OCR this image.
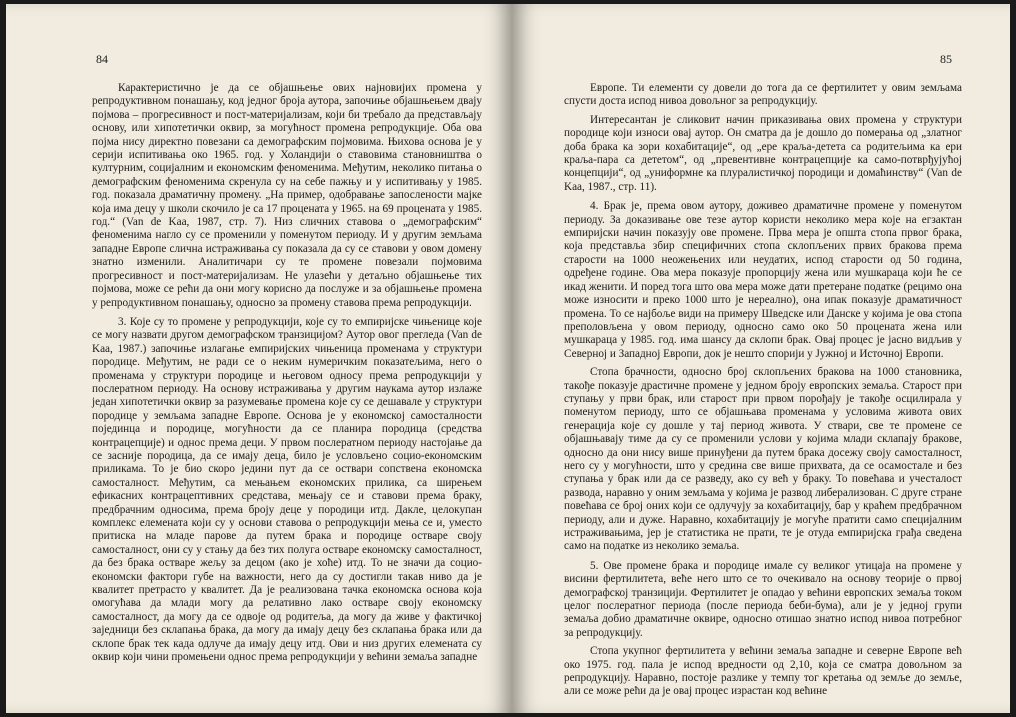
84

Карактеристично је да се објашњење ових најновијих промена у репродуктивном понашању, код једног броја аутора, започиње објашњењем двају појмова – прогресивност и пост-материјализам, који би требало да представљају основу, или хипотетички оквир, за могућност промена репродукције. Оба ова појма нису директно повезани са демографским појмовима. Њихова основа је у серији испитивања око 1965. год. у Холандији о ставовима становништва о културним, социјалним и економским феноменима. Међутим, неколико питања о демографским феноменима скренула су на себе пажњу и у испитивању у 1985. год. показала драматичну промену. „На пример, одобравање запослености мајке која има децу у школи скочило је са 17 процената у 1965. на 69 процената у 1985. год.“ (Van de Kaa, 1987, стр. 7). Низ сличних ставова о „демографским“ феноменима нагло су се променили у поменутом периоду. И у другим земљама западне Европе слична истраживања су показала да су се ставови у овом домену знатно изменили. Аналитичари су те промене повезали појмовима прогресивност и пост-материјализам. Не улазећи у детаљно објашњење тих појмова, може се рећи да они могу корисно да послуже и за објашњење промена у репродуктивном понашању, односно за промену ставова према репродукцији.

3. Које су то промене у репродукцији, које су то емпиријске чињенице које се могу назвати другом демографском транзицијом? Аутор овог прегледа (Van de Kaa, 1987.) започиње излагање емпиријских чињеница променама у структури породице. Међутим, не ради се о неким нумеричким показатељима, него о променама у структури породице и његовом односу према репродукцији у послератном периоду. На основу истраживања у другим наукама аутор излаже један хипотетички оквир за разумевање промена које су се дешавале у структури породице у земљама западне Европе. Основа је у економској самосталности појединца и породице, могућности да се планира породица (средства контрацепције) и однос према деци. У првом послератном периоду настојање да се засније породица, да се имају деца, било је условљено социо-економским приликама. То је био скоро једини пут да се оствари сопствена економска самосталност. Међутим, са мењањем економских прилика, са ширењем ефикасних контрацептивних средстава, мењају се и ставови према браку, предбрачним односима, према броју деце у породици итд. Дакле, целокупан комплекс елемената који су у основи ставова о репродукцији мења се и, уместо притиска на младе парове да путем брака и породице остваре своју самосталност, они су у стању да без тих полуга остваре економску самосталност, да без брака остваре жељу за децом (ако је хоће) итд. То не значи да социо-економски фактори губе на важности, него да су достигли такав ниво да је квалитет претрасто у квалитет. Да је реализована тачка економска основа која омогућава да млади могу да релативно лако остваре своју економску самосталност, да могу да се одвоје од родитеља, да могу да живе у фактичкој заједници без склапања брака, да могу да имају децу без склапања брака или да склопе брак тек када одлуче да имају децу итд. Ови и низ других елемената су оквир који чини промењени однос према репродукцији у већини земаља западне

85

Европе. Ти елементи су довели до тога да се фертилитет у овим земљама спусти доста испод нивоа довољног за репродукцију.

Интересантан је сликовит начин приказивања ових промена у структури породице који износи овај аутор. Он сматра да је дошло до померања од „златног доба брака ка зори кохабитације“, од „ере краља-детета са родитељима ка ери краља-пара са дететом“, од „превентивне контрацепције ка само-потврђујућој концепцији“, од „униформне ка плуралистичкој породици и домаћинству“ (Van de Kaa, 1987., стр. 11).

4. Брак је, према овом аутору, доживео драматичне промене у поменутом периоду. За доказивање ове тезе аутор користи неколико мера које на егзактан емпиријски начин показују ове промене. Прва мера је општа стопа првог брака, која представља збир специфичних стопа склопљених првих бракова према старости на 1000 неожењених или неудатих, испод старости од 50 година, одређене године. Ова мера показује пропорцију жена или мушкараца који ће се икад женити. И поред тога што ова мера може дати претеране податке (рецимо она може износити и преко 1000 што је нереално), она ипак показује драматичност промена. То се најбоље види на примеру Шведске или Данске у којима је ова стопа преполовљена у овом периоду, односно само око 50 процената жена или мушкараца у 1985. год. има шансу да склопи брак. Овај процес је јасно видљив у Северној и Западној Европи, док је нешто спорији у Јужној и Источној Европи.

Стопа брачности, односно број склопљених бракова на 1000 становника, такође показује драстичне промене у једном броју европских земаља. Старост при ступању у први брак, или старост при првом порођају је такође осцилирала у поменутом периоду, што се објашњава променама у условима живота ових генерација које су дошле у тај период живота. У ствари, све те промене се објашњавају тиме да су се променили услови у којима млади склапају бракове, односно да они нису више принуђени да путем брака досежу своју самосталност, него су у могућности, што у средина све више прихвата, да се осамостале и без ступања у брак или да се разведу, ако су већ у браку. То повећава и учесталост развода, наравно у оним земљама у којима је развод либерализован. С друге стране повећава се број оних који се одлучују за кохабитацију, бар у краћем предбрачном периоду, али и дуже. Наравно, кохабитацију је могуће пратити само специјалним истраживањима, јер је статистика не прати, те је отуда емпиријска грађа сведена само на податке из неколико земаља.

5. Ове промене брака и породице имале су великог утицаја на промене у висини фертилитета, веће него што се то очекивало на основу теорије о првој демографској транзицији. Фертилитет је опадао у већини европских земаља током целог послератног периода (после периода беби-бума), али је у једној групи земаља добио драматичне оквире, односно отишао знатно испод нивоа потребног за репродукцију.

Стопа укупног фертилитета у већини земаља западне и северне Европе већ око 1975. год. пала је испод вредности од 2,10, која се сматра довољном за репродукцију. Наравно, постоје разлике у темпу тог кретања од земље до земље, али се може рећи да је овај процес израстан код већине
